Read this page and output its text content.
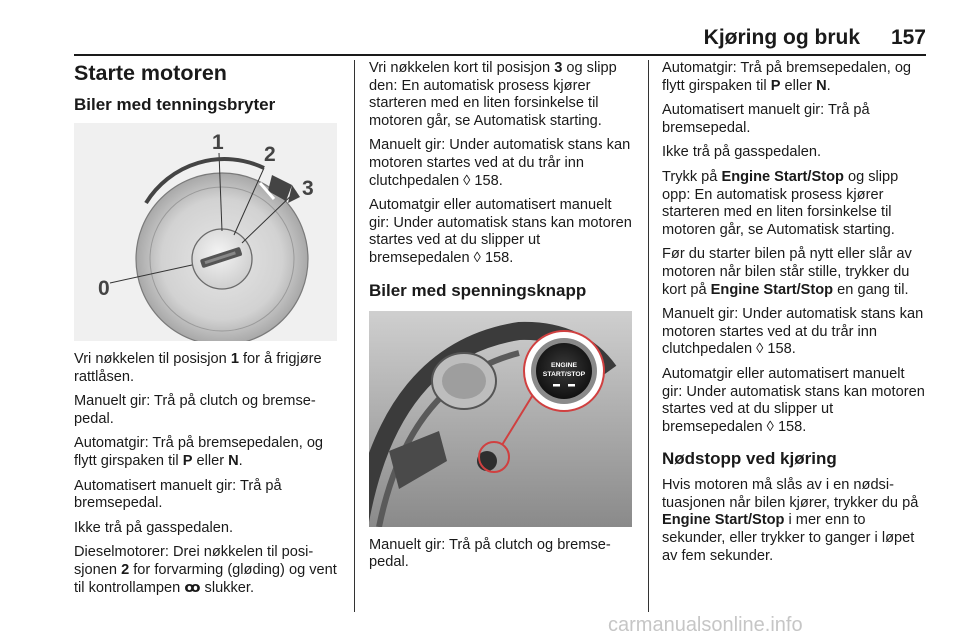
Kjøring og bruk	157
Starte motoren
Biler med tenningsbryter
1
2
3
0

Vri nøkkelen til posisjon 1 for å frigjøre rattlåsen.

Manuelt gir: Trå på clutch og bremsepedal.

Automatgir: Trå på bremsepedalen, og flytt girspaken til P eller N.

Automatisert manuelt gir: Trå på bremsepedal.

Ikke trå på gasspedalen.

Dieselmotorer: Drei nøkkelen til posisjonen 2 for forvarming (gløding) og vent til kontrollampen ꝏ slukker.

Vri nøkkelen kort til posisjon 3 og slipp den: En automatisk prosess kjører starteren med en liten forsinkelse til motoren går, se Automatisk starting.

Manuelt gir: Under automatisk stans kan motoren startes ved at du trår inn clutchpedalen ◊ 158.

Automatgir eller automatisert manuelt gir: Under automatisk stans kan motoren startes ved at du slipper ut bremsepedalen ◊ 158.

Biler med spenningsknapp
ENGINE
START/STOP

Manuelt gir: Trå på clutch og bremsepedal.

Automatgir: Trå på bremsepedalen, og flytt girspaken til P eller N.

Automatisert manuelt gir: Trå på bremsepedal.

Ikke trå på gasspedalen.

Trykk på Engine Start/Stop og slipp opp: En automatisk prosess kjører starteren med en liten forsinkelse til motoren går, se Automatisk starting.

Før du starter bilen på nytt eller slår av motoren når bilen står stille, trykker du kort på Engine Start/Stop en gang til.

Manuelt gir: Under automatisk stans kan motoren startes ved at du trår inn clutchpedalen ◊ 158.

Automatgir eller automatisert manuelt gir: Under automatisk stans kan motoren startes ved at du slipper ut bremsepedalen ◊ 158.

Nødstopp ved kjøring

Hvis motoren må slås av i en nødsituasjonen når bilen kjører, trykker du på Engine Start/Stop i mer enn to sekunder, eller trykker to ganger i løpet av fem sekunder.

carmanualsonline.info
